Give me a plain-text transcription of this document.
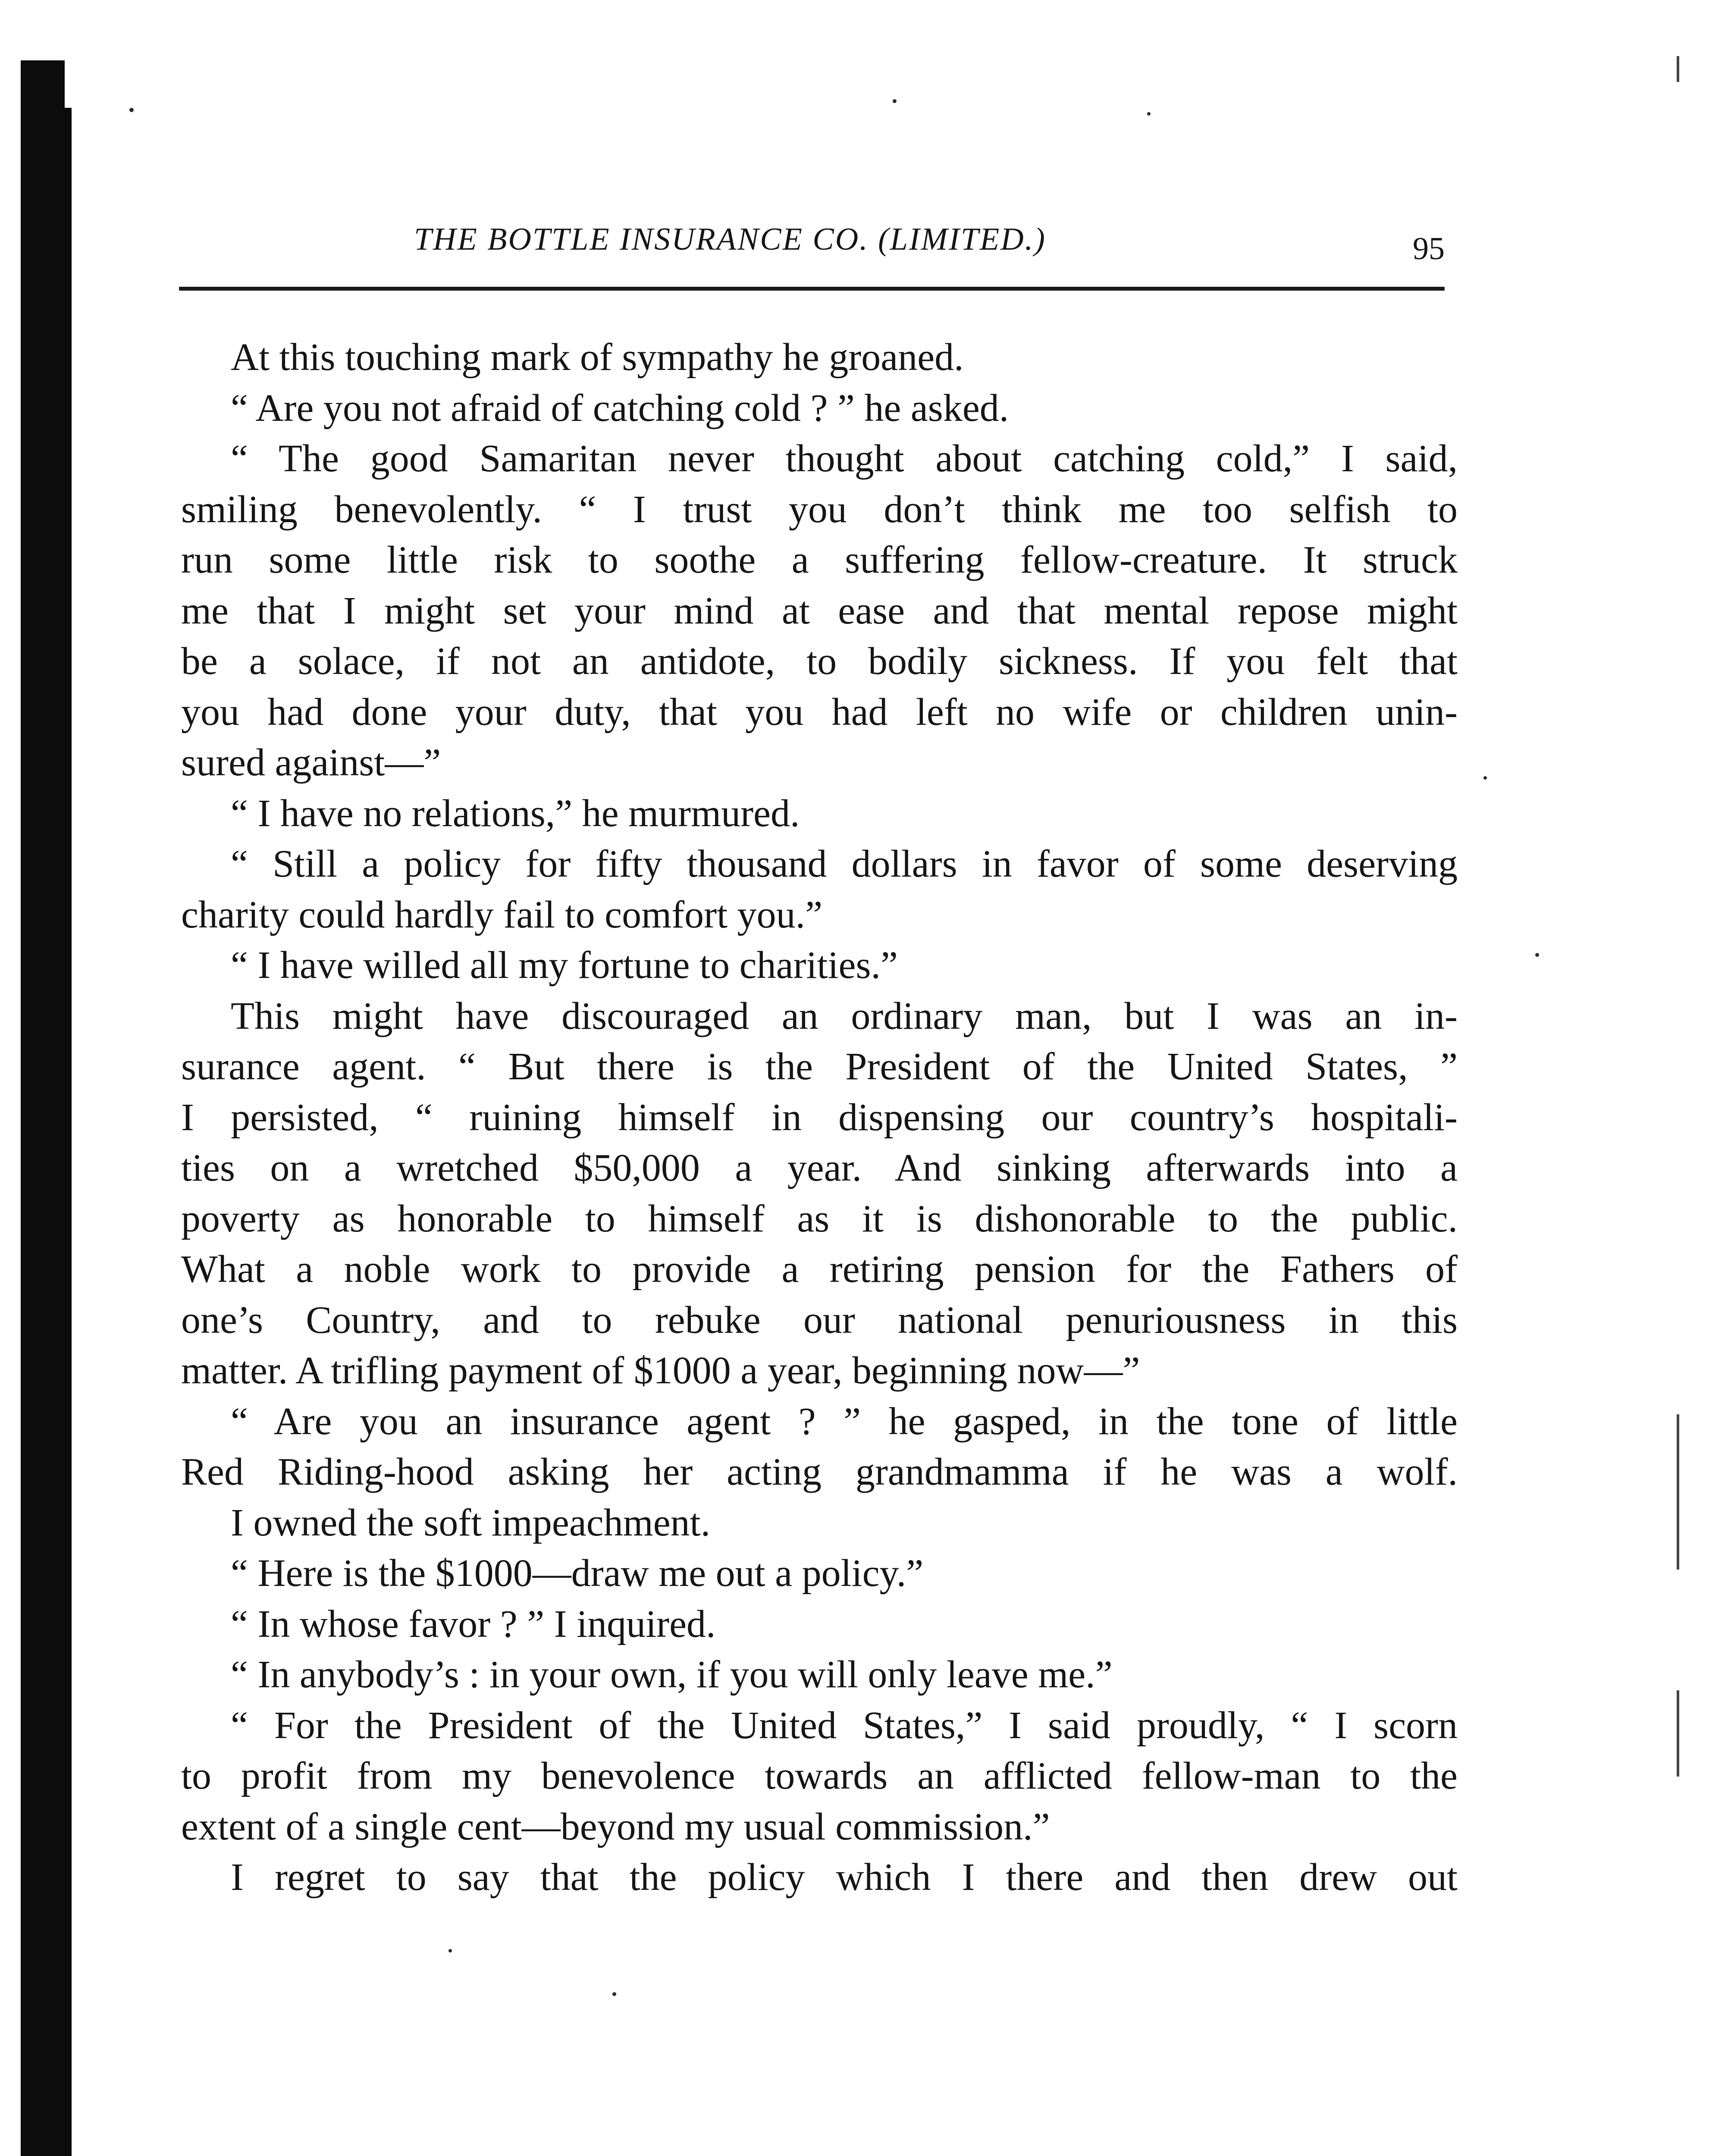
THE BOTTLE INSURANCE CO. (LIMITED.)	95
At this touching mark of sympathy he groaned.
“ Are you not afraid of catching cold ? ” he asked.
“ The good Samaritan never thought about catching cold,” I said,
smiling benevolently. “ I trust you don’t think me too selfish to
run some little risk to soothe a suffering fellow-creature. It struck
me that I might set your mind at ease and that mental repose might
be a solace, if not an antidote, to bodily sickness. If you felt that
you had done your duty, that you had left no wife or children unin-
sured against—”
“ I have no relations,” he murmured.
“ Still a policy for fifty thousand dollars in favor of some deserving
charity could hardly fail to comfort you.”
“ I have willed all my fortune to charities.”
This might have discouraged an ordinary man, but I was an in-
surance agent. “ But there is the President of the United States, ”
I persisted, “ ruining himself in dispensing our country’s hospitali-
ties on a wretched $50,000 a year. And sinking afterwards into a
poverty as honorable to himself as it is dishonorable to the public.
What a noble work to provide a retiring pension for the Fathers of
one’s Country, and to rebuke our national penuriousness in this
matter. A trifling payment of $1000 a year, beginning now—”
“ Are you an insurance agent ? ” he gasped, in the tone of little
Red Riding-hood asking her acting grandmamma if he was a wolf.
I owned the soft impeachment.
“ Here is the $1000—draw me out a policy.”
“ In whose favor ? ” I inquired.
“ In anybody’s : in your own, if you will only leave me.”
“ For the President of the United States,” I said proudly, “ I scorn
to profit from my benevolence towards an afflicted fellow-man to the
extent of a single cent—beyond my usual commission.”
I regret to say that the policy which I there and then drew out
